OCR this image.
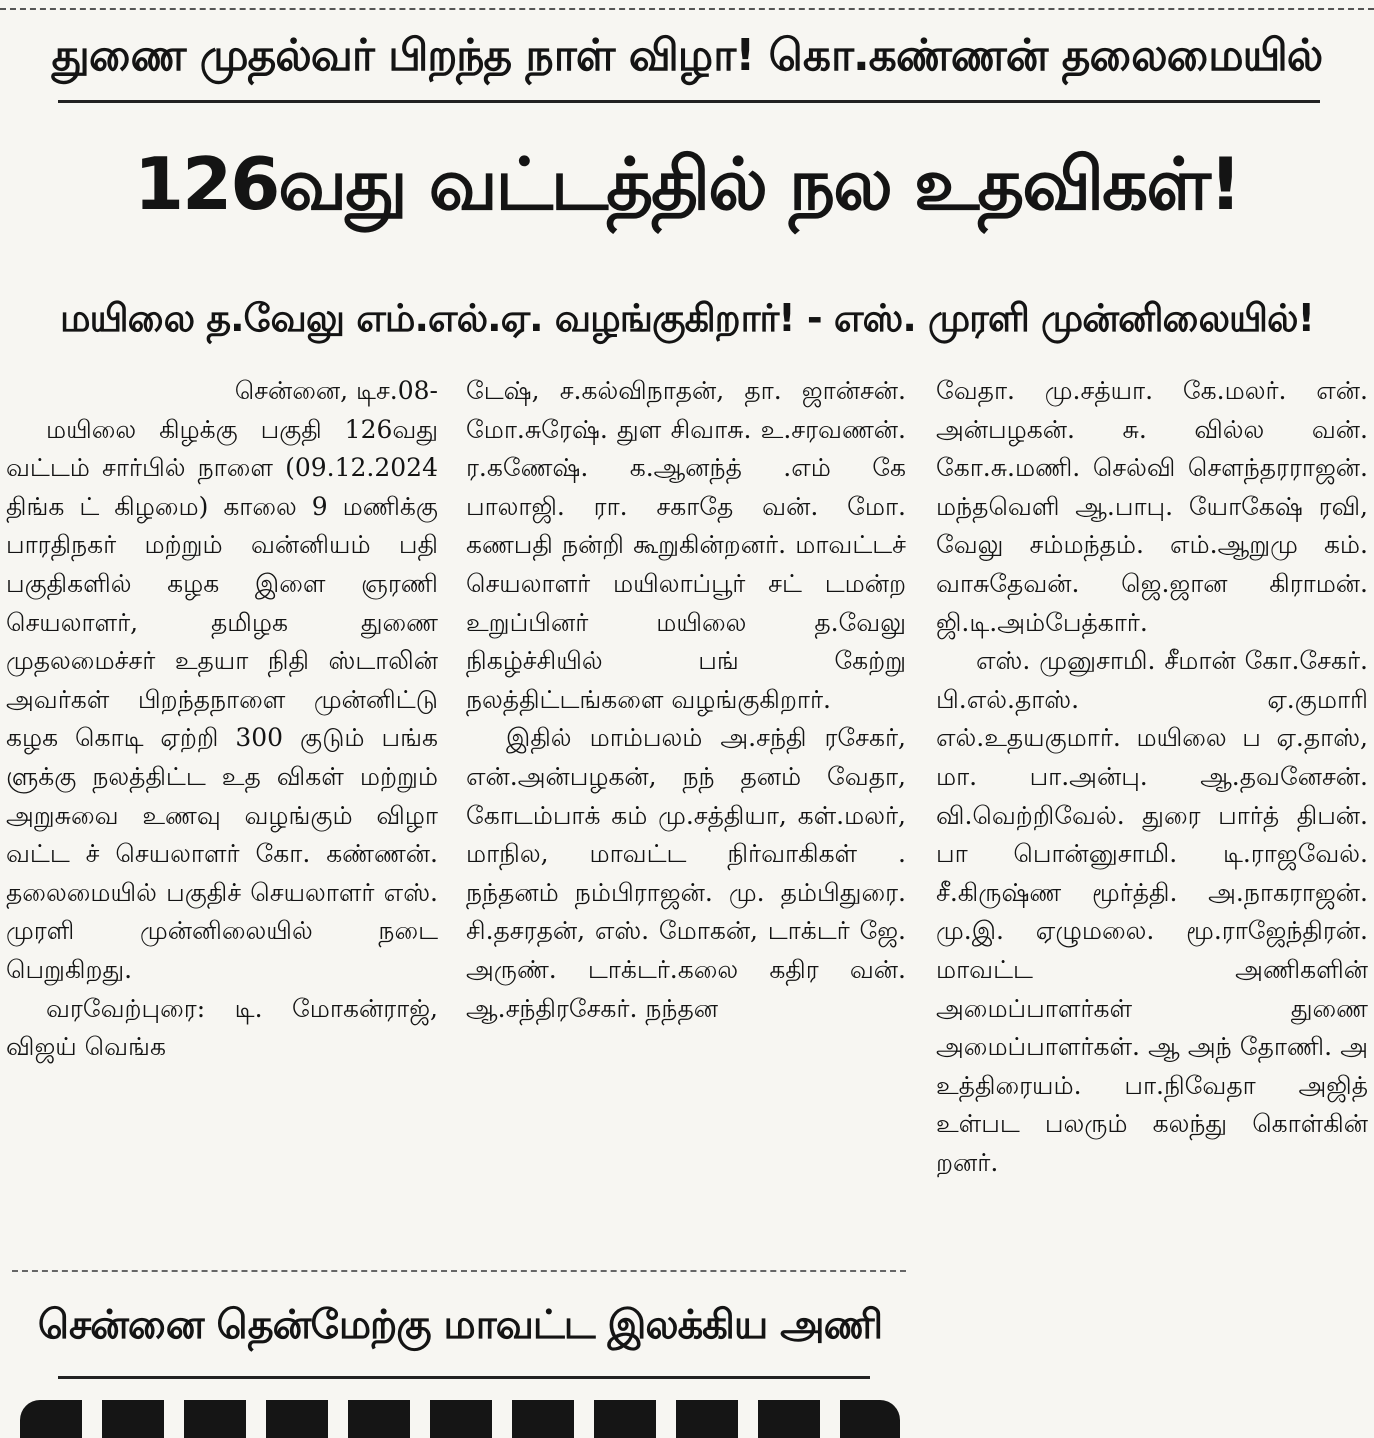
துணை முதல்வர் பிறந்த நாள் விழா! கொ.கண்ணன் தலைமையில்
126வது வட்டத்தில் நல உதவிகள்!
மயிலை த.வேலு எம்.எல்.ஏ. வழங்குகிறார்! - எஸ். முரளி முன்னிலையில்!

சென்னை, டிச.08-

மயிலை கிழக்கு பகுதி 126வது வட்டம் சார்பில் நாளை (09.12.2024 திங்க ட் கிழமை) காலை 9 மணிக்கு பாரதிநகர் மற்றும் வன்னியம் பதி பகுதிகளில் கழக இளை ஞரணி செயலாளர், தமிழக துணை முதலமைச்சர் உதயா நிதி ஸ்டாலின் அவர்கள் பிறந்தநாளை முன்னிட்டு கழக கொடி ஏற்றி 300 குடும் பங்க ளுக்கு நலத்திட்ட உத விகள் மற்றும் அறுசுவை உணவு வழங்கும் விழா வட்ட ச் செயலாளர் கோ. கண்ணன். தலைமையில் பகுதிச் செயலாளர் எஸ். முரளி முன்னிலையில் நடை பெறுகிறது.

வரவேற்புரை: டி. மோகன்ராஜ், விஜய் வெங்க

டேஷ், ச.கல்விநாதன், தா. ஜான்சன். மோ.சுரேஷ். துள சிவாசு. உ.சரவணன். ர.கணேஷ். க.ஆனந்த் .எம் கே பாலாஜி. ரா. சகாதே வன். மோ. கணபதி நன்றி கூறுகின்றனர். மாவட்டச் செயலாளர் மயிலாப்பூர் சட் டமன்ற உறுப்பினர் மயிலை த.வேலு நிகழ்ச்சியில் பங் கேற்று நலத்திட்டங்களை வழங்குகிறார்.

இதில் மாம்பலம் அ.சந்தி ரசேகர், என்.அன்பழகன், நந் தனம் வேதா, கோடம்பாக் கம் மு.சத்தியா, கள்.மலர், மாநில, மாவட்ட நிர்வாகிகள் . நந்தனம் நம்பிராஜன். மு. தம்பிதுரை. சி.தசரதன், எஸ். மோகன், டாக்டர் ஜே. அருண். டாக்டர்.கலை கதிர வன். ஆ.சந்திரசேகர். நந்தன

வேதா. மு.சத்யா. கே.மலர். என். அன்பழகன். சு. வில்ல வன். கோ.சு.மணி. செல்வி சௌந்தரராஜன். மந்தவெளி ஆ.பாபு. யோகேஷ் ரவி, வேலு சம்மந்தம். எம்.ஆறுமு கம். வாசுதேவன். ஜெ.ஜான கிராமன். ஜி.டி.அம்பேத்கார்.

எஸ். முனுசாமி. சீமான் கோ.சேகர். பி.எல்.தாஸ். ஏ.குமாரி எல்.உதயகுமார். மயிலை ப ஏ.தாஸ், மா. பா.அன்பு. ஆ.தவனேசன். வி.வெற்றிவேல். துரை பார்த் திபன். பா பொன்னுசாமி. டி.ராஜவேல். சீ.கிருஷ்ண மூர்த்தி. அ.நாகராஜன். மு.இ. ஏழுமலை. மூ.ராஜேந்திரன். மாவட்ட அணிகளின் அமைப்பாளர்கள் துணை அமைப்பாளர்கள். ஆ அந் தோணி. அ உத்திரையம். பா.நிவேதா அஜித் உள்பட பலரும் கலந்து கொள்கின் றனர்.

சென்னை தென்மேற்கு மாவட்ட இலக்கிய அணி
